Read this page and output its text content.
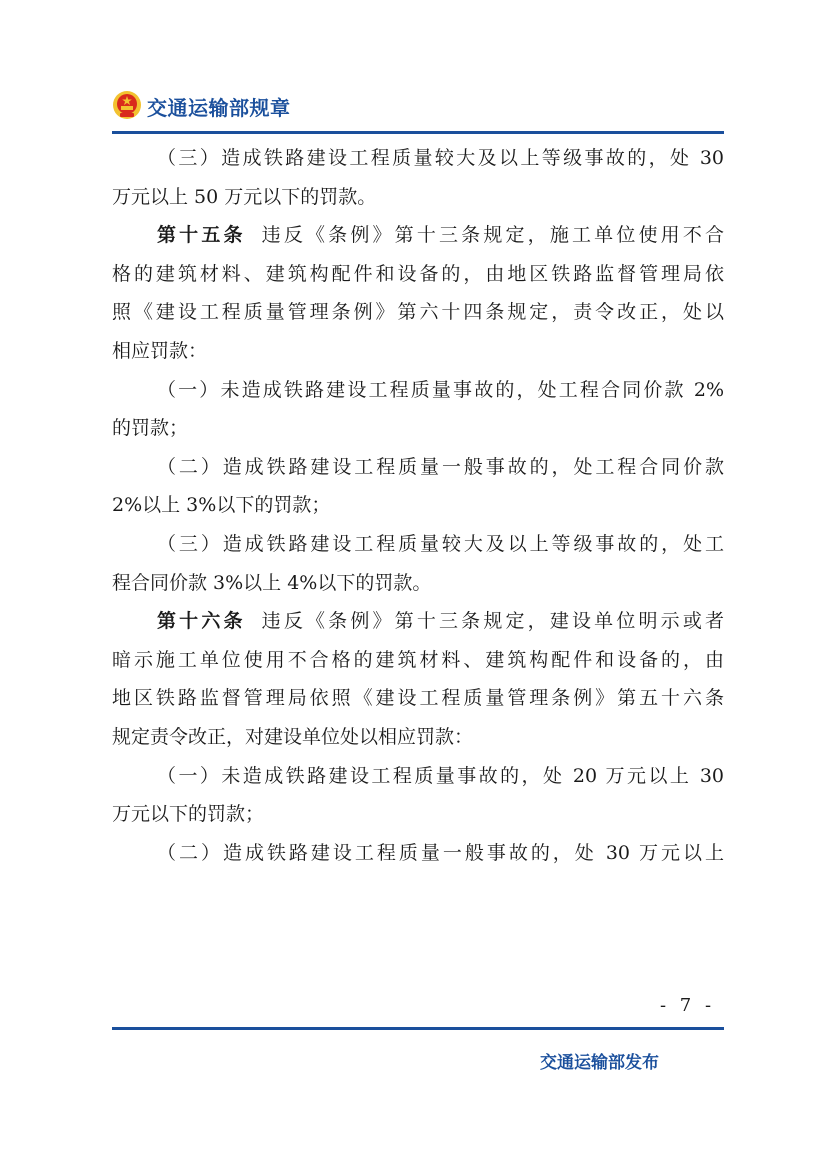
交通运输部规章
（三）造成铁路建设工程质量较大及以上等级事故的，处 30
万元以上 50 万元以下的罚款。
第十五条 违反《条例》第十三条规定，施工单位使用不合
格的建筑材料、建筑构配件和设备的，由地区铁路监督管理局依
照《建设工程质量管理条例》第六十四条规定，责令改正，处以
相应罚款：
（一）未造成铁路建设工程质量事故的，处工程合同价款 2%
的罚款；
（二）造成铁路建设工程质量一般事故的，处工程合同价款
2%以上 3%以下的罚款；
（三）造成铁路建设工程质量较大及以上等级事故的，处工
程合同价款 3%以上 4%以下的罚款。
第十六条 违反《条例》第十三条规定，建设单位明示或者
暗示施工单位使用不合格的建筑材料、建筑构配件和设备的，由
地区铁路监督管理局依照《建设工程质量管理条例》第五十六条
规定责令改正，对建设单位处以相应罚款：
（一）未造成铁路建设工程质量事故的，处 20 万元以上 30
万元以下的罚款；
（二）造成铁路建设工程质量一般事故的，处 30 万元以上
- 7 -
交通运输部发布
